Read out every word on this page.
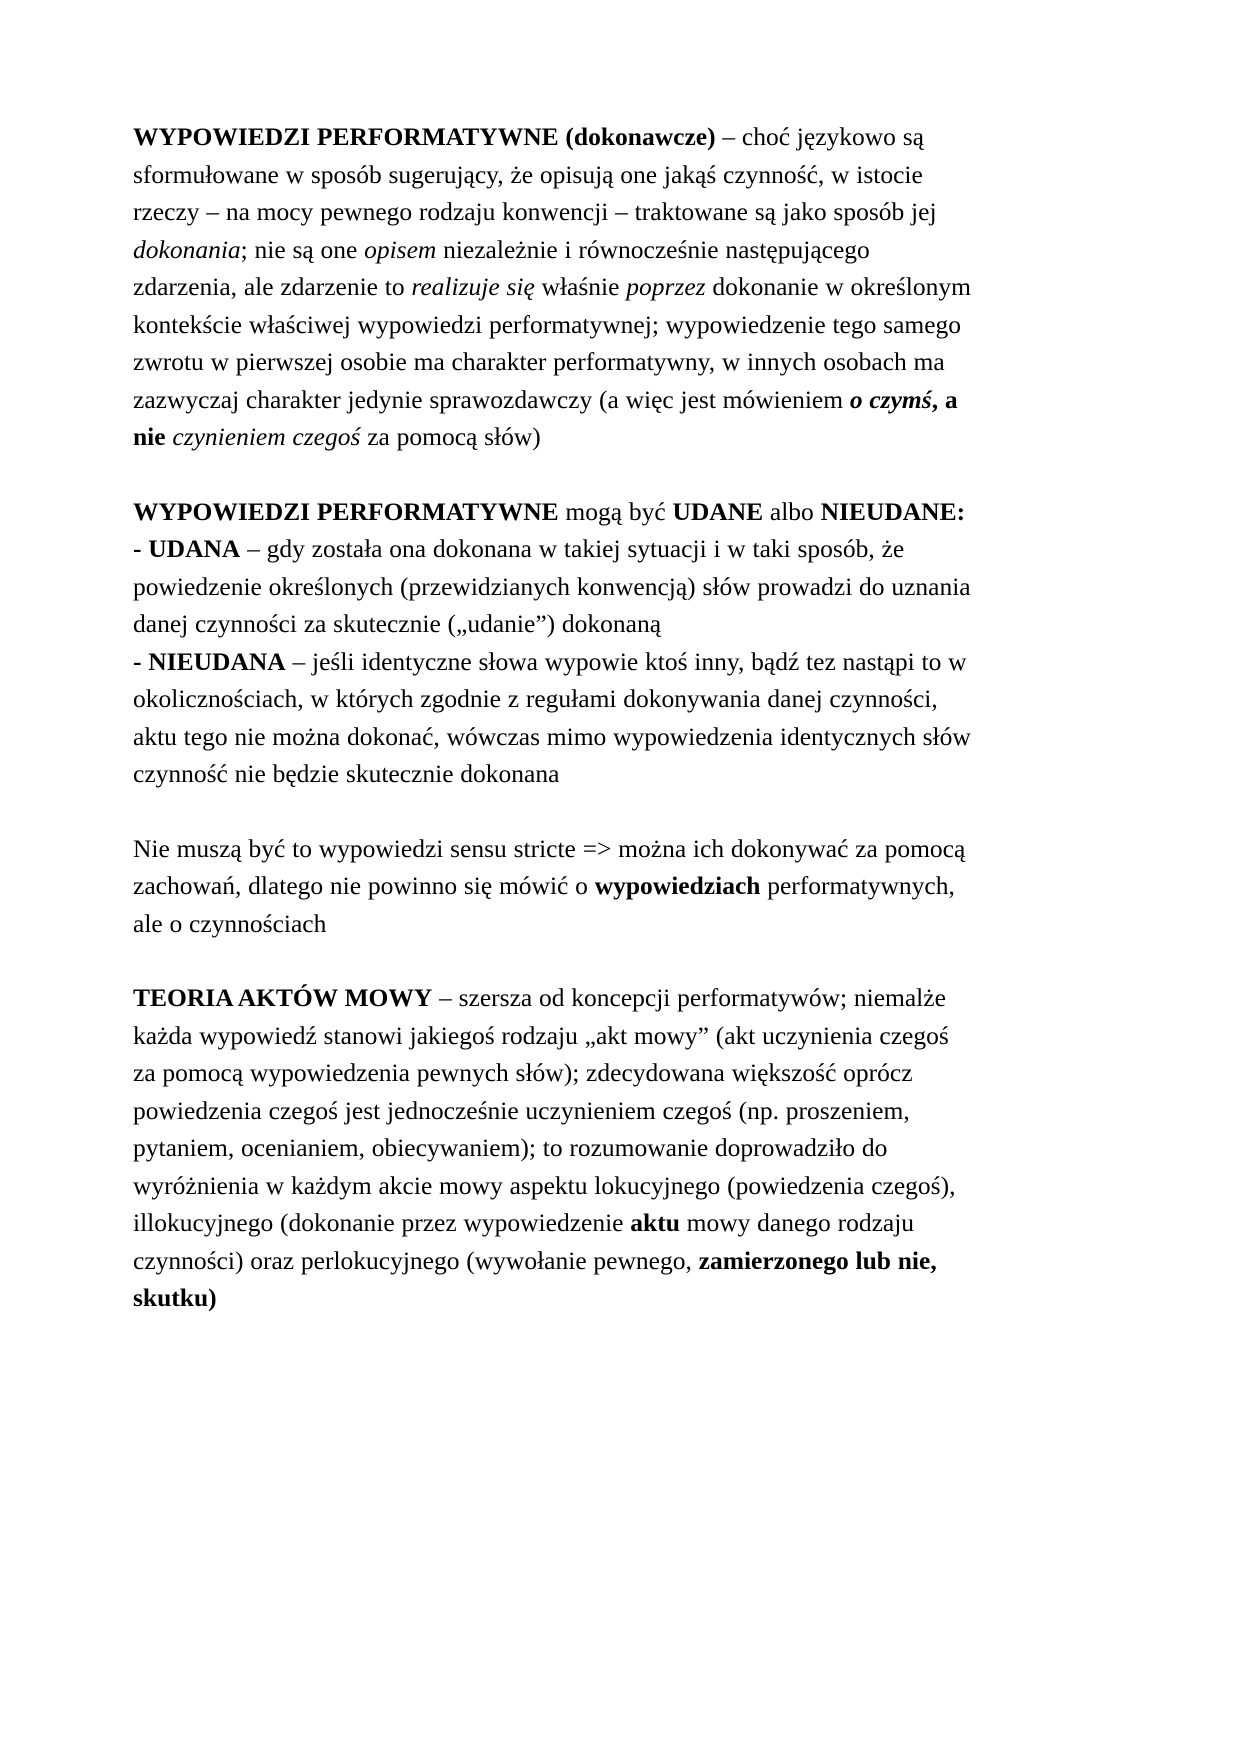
WYPOWIEDZI PERFORMATYWNE (dokonawcze) – choć językowo są sformułowane w sposób sugerujący, że opisują one jakąś czynność, w istocie rzeczy – na mocy pewnego rodzaju konwencji – traktowane są jako sposób jej dokonania; nie są one opisem niezależnie i równocześnie następującego zdarzenia, ale zdarzenie to realizuje się właśnie poprzez dokonanie w określonym kontekście właściwej wypowiedzi performatywnej; wypowiedzenie tego samego zwrotu w pierwszej osobie ma charakter performatywny, w innych osobach ma zazwyczaj charakter jedynie sprawozdawczy (a więc jest mówieniem o czymś, a nie czynieniem czegoś za pomocą słów)

WYPOWIEDZI PERFORMATYWNE mogą być UDANE albo NIEUDANE:
- UDANA – gdy została ona dokonana w takiej sytuacji i w taki sposób, że powiedzenie określonych (przewidzianych konwencją) słów prowadzi do uznania danej czynności za skutecznie („udanie”) dokonaną
- NIEUDANA – jeśli identyczne słowa wypowie ktoś inny, bądź tez nastąpi to w okolicznościach, w których zgodnie z regułami dokonywania danej czynności, aktu tego nie można dokonać, wówczas mimo wypowiedzenia identycznych słów czynność nie będzie skutecznie dokonana

Nie muszą być to wypowiedzi sensu stricte => można ich dokonywać za pomocą zachowań, dlatego nie powinno się mówić o wypowiedziach performatywnych, ale o czynnościach

TEORIA AKTÓW MOWY – szersza od koncepcji performatywów; niemalże każda wypowiedź stanowi jakiegoś rodzaju „akt mowy” (akt uczynienia czegoś za pomocą wypowiedzenia pewnych słów); zdecydowana większość oprócz powiedzenia czegoś jest jednocześnie uczynieniem czegoś (np. proszeniem, pytaniem, ocenianiem, obiecywaniem); to rozumowanie doprowadziło do wyróżnienia w każdym akcie mowy aspektu lokucyjnego (powiedzenia czegoś), illokucyjnego (dokonanie przez wypowiedzenie aktu mowy danego rodzaju czynności) oraz perlokucyjnego (wywołanie pewnego, zamierzonego lub nie, skutku)
